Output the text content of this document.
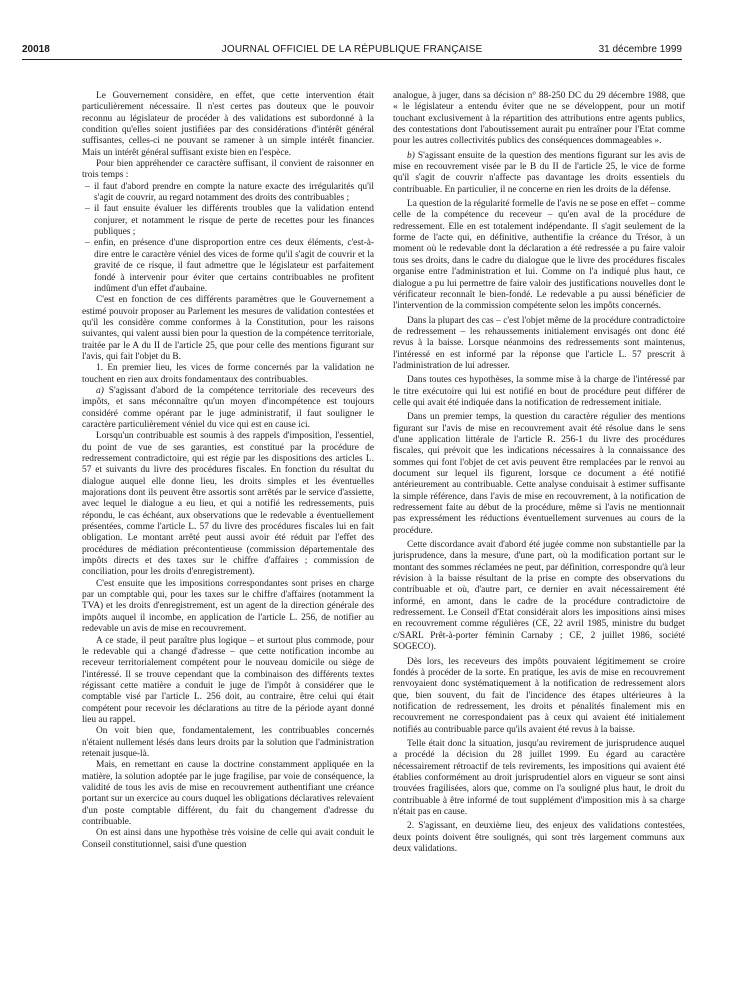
20018	JOURNAL OFFICIEL DE LA RÉPUBLIQUE FRANÇAISE	31 décembre 1999

Le Gouvernement considère, en effet, que cette intervention était particulièrement nécessaire. Il n'est certes pas douteux que le pouvoir reconnu au législateur de procéder à des validations est subordonné à la condition qu'elles soient justifiées par des considérations d'intérêt général suffisantes, celles-ci ne pouvant se ramener à un simple intérêt financier. Mais un intérêt général suffisant existe bien en l'espèce.

Pour bien appréhender ce caractère suffisant, il convient de raisonner en trois temps :

– il faut d'abord prendre en compte la nature exacte des irrégularités qu'il s'agit de couvrir, au regard notamment des droits des contribuables ;
– il faut ensuite évaluer les différents troubles que la validation entend conjurer, et notamment le risque de perte de recettes pour les finances publiques ;
– enfin, en présence d'une disproportion entre ces deux éléments, c'est-à-dire entre le caractère véniel des vices de forme qu'il s'agit de couvrir et la gravité de ce risque, il faut admettre que le législateur est parfaitement fondé à intervenir pour éviter que certains contribuables ne profitent indûment d'un effet d'aubaine.

C'est en fonction de ces différents paramètres que le Gouvernement a estimé pouvoir proposer au Parlement les mesures de validation contestées et qu'il les considère comme conformes à la Constitution, pour les raisons suivantes, qui valent aussi bien pour la question de la compétence territoriale, traitée par le A du II de l'article 25, que pour celle des mentions figurant sur l'avis, qui fait l'objet du B.

1. En premier lieu, les vices de forme concernés par la validation ne touchent en rien aux droits fondamentaux des contribuables.

a) S'agissant d'abord de la compétence territoriale des receveurs des impôts, et sans méconnaître qu'un moyen d'incompétence est toujours considéré comme opérant par le juge administratif, il faut souligner le caractère particulièrement véniel du vice qui est en cause ici.

Lorsqu'un contribuable est soumis à des rappels d'imposition, l'essentiel, du point de vue de ses garanties, est constitué par la procédure de redressement contradictoire, qui est régie par les dispositions des articles L. 57 et suivants du livre des procédures fiscales. En fonction du résultat du dialogue auquel elle donne lieu, les droits simples et les éventuelles majorations dont ils peuvent être assortis sont arrêtés par le service d'assiette, avec lequel le dialogue a eu lieu, et qui a notifié les redressements, puis répondu, le cas échéant, aux observations que le redevable a éventuellement présentées, comme l'article L. 57 du livre des procédures fiscales lui en fait obligation. Le montant arrêté peut aussi avoir été réduit par l'effet des procédures de médiation précontentieuse (commission départementale des impôts directs et des taxes sur le chiffre d'affaires ; commission de conciliation, pour les droits d'enregistrement).

C'est ensuite que les impositions correspondantes sont prises en charge par un comptable qui, pour les taxes sur le chiffre d'affaires (notamment la TVA) et les droits d'enregistrement, est un agent de la direction générale des impôts auquel il incombe, en application de l'article L. 256, de notifier au redevable un avis de mise en recouvrement.

A ce stade, il peut paraître plus logique – et surtout plus commode, pour le redevable qui a changé d'adresse – que cette notification incombe au receveur territorialement compétent pour le nouveau domicile ou siège de l'intéressé. Il se trouve cependant que la combinaison des différents textes régissant cette matière a conduit le juge de l'impôt à considérer que le comptable visé par l'article L. 256 doit, au contraire, être celui qui était compétent pour recevoir les déclarations au titre de la période ayant donné lieu au rappel.

On voit bien que, fondamentalement, les contribuables concernés n'étaient nullement lésés dans leurs droits par la solution que l'administration retenait jusque-là.

Mais, en remettant en cause la doctrine constamment appliquée en la matière, la solution adoptée par le juge fragilise, par voie de conséquence, la validité de tous les avis de mise en recouvrement authentifiant une créance portant sur un exercice au cours duquel les obligations déclaratives relevaient d'un poste comptable différent, du fait du changement d'adresse du contribuable.

On est ainsi dans une hypothèse très voisine de celle qui avait conduit le Conseil constitutionnel, saisi d'une question

analogue, à juger, dans sa décision n° 88-250 DC du 29 décembre 1988, que « le législateur a entendu éviter que ne se développent, pour un motif touchant exclusivement à la répartition des attributions entre agents publics, des contestations dont l'aboutissement aurait pu entraîner pour l'Etat comme pour les autres collectivités publics des conséquences dommageables ».

b) S'agissant ensuite de la question des mentions figurant sur les avis de mise en recouvrement visée par le B du II de l'article 25, le vice de forme qu'il s'agit de couvrir n'affecte pas davantage les droits essentiels du contribuable. En particulier, il ne concerne en rien les droits de la défense.

La question de la régularité formelle de l'avis ne se pose en effet – comme celle de la compétence du receveur – qu'en aval de la procédure de redressement. Elle en est totalement indépendante. Il s'agit seulement de la forme de l'acte qui, en définitive, authentifie la créance du Trésor, à un moment où le redevable dont la déclaration a été redressée a pu faire valoir tous ses droits, dans le cadre du dialogue que le livre des procédures fiscales organise entre l'administration et lui. Comme on l'a indiqué plus haut, ce dialogue a pu lui permettre de faire valoir des justifications nouvelles dont le vérificateur reconnaît le bien-fondé. Le redevable a pu aussi bénéficier de l'intervention de la commission compétente selon les impôts concernés.

Dans la plupart des cas – c'est l'objet même de la procédure contradictoire de redressement – les rehaussements initialement envisagés ont donc été revus à la baisse. Lorsque néanmoins des redressements sont maintenus, l'intéressé en est informé par la réponse que l'article L. 57 prescrit à l'administration de lui adresser.

Dans toutes ces hypothèses, la somme mise à la charge de l'intéressé par le titre exécutoire qui lui est notifié en bout de procédure peut différer de celle qui avait été indiquée dans la notification de redressement initiale.

Dans un premier temps, la question du caractère régulier des mentions figurant sur l'avis de mise en recouvrement avait été résolue dans le sens d'une application littérale de l'article R. 256-1 du livre des procédures fiscales, qui prévoit que les indications nécessaires à la connaissance des sommes qui font l'objet de cet avis peuvent être remplacées par le renvoi au document sur lequel ils figurent, lorsque ce document a été notifié antérieurement au contribuable. Cette analyse conduisait à estimer suffisante la simple référence, dans l'avis de mise en recouvrement, à la notification de redressement faite au début de la procédure, même si l'avis ne mentionnait pas expressément les réductions éventuellement survenues au cours de la procédure.

Cette discordance avait d'abord été jugée comme non substantielle par la jurisprudence, dans la mesure, d'une part, où la modification portant sur le montant des sommes réclamées ne peut, par définition, correspondre qu'à leur révision à la baisse résultant de la prise en compte des observations du contribuable et où, d'autre part, ce dernier en avait nécessairement été informé, en amont, dans le cadre de la procédure contradictoire de redressement. Le Conseil d'Etat considérait alors les impositions ainsi mises en recouvrement comme régulières (CE, 22 avril 1985, ministre du budget c/SARL Prêt-à-porter féminin Carnaby ; CE, 2 juillet 1986, société SOGECO).

Dès lors, les receveurs des impôts pouvaient légitimement se croire fondés à procéder de la sorte. En pratique, les avis de mise en recouvrement renvoyaient donc systématiquement à la notification de redressement alors que, bien souvent, du fait de l'incidence des étapes ultérieures à la notification de redressement, les droits et pénalités finalement mis en recouvrement ne correspondaient pas à ceux qui avaient été initialement notifiés au contribuable parce qu'ils avaient été revus à la baisse.

Telle était donc la situation, jusqu'au revirement de jurisprudence auquel a procédé la décision du 28 juillet 1999. Eu égard au caractère nécessairement rétroactif de tels revirements, les impositions qui avaient été établies conformément au droit jurisprudentiel alors en vigueur se sont ainsi trouvées fragilisées, alors que, comme on l'a souligné plus haut, le droit du contribuable à être informé de tout supplément d'imposition mis à sa charge n'était pas en cause.

2. S'agissant, en deuxième lieu, des enjeux des validations contestées, deux points doivent être soulignés, qui sont très largement communs aux deux validations.
